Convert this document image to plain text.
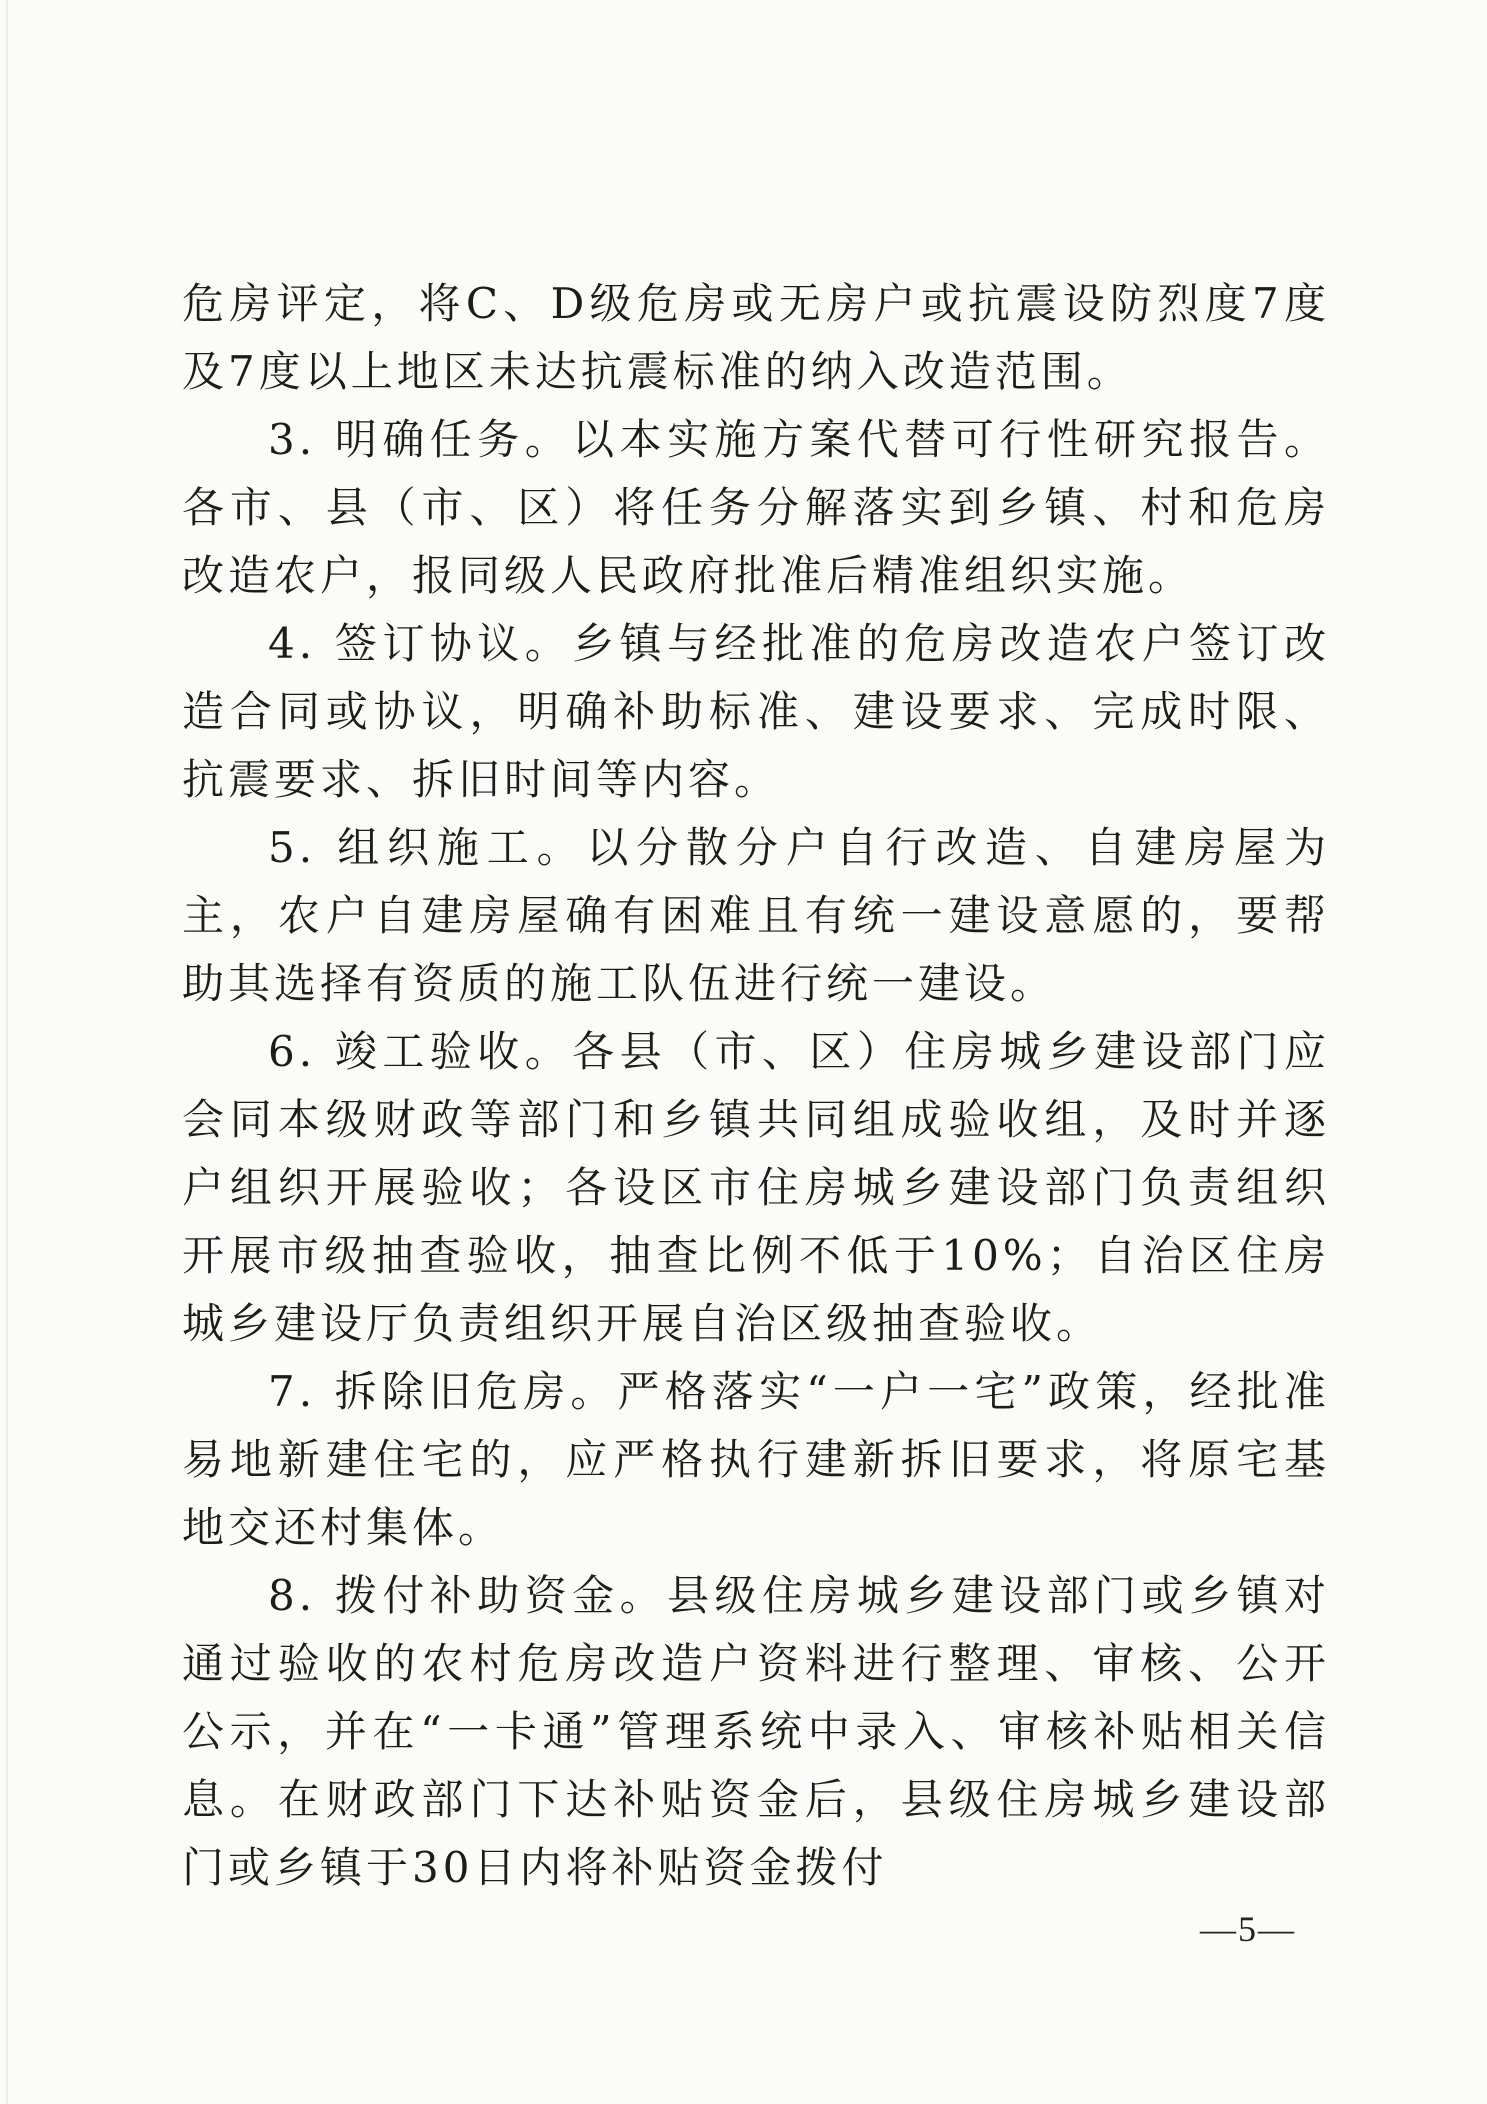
危房评定，将C、D级危房或无房户或抗震设防烈度7度及7度以上地区未达抗震标准的纳入改造范围。

3. 明确任务。以本实施方案代替可行性研究报告。各市、县（市、区）将任务分解落实到乡镇、村和危房改造农户，报同级人民政府批准后精准组织实施。

4. 签订协议。乡镇与经批准的危房改造农户签订改造合同或协议，明确补助标准、建设要求、完成时限、抗震要求、拆旧时间等内容。

5. 组织施工。以分散分户自行改造、自建房屋为主，农户自建房屋确有困难且有统一建设意愿的，要帮助其选择有资质的施工队伍进行统一建设。

6. 竣工验收。各县（市、区）住房城乡建设部门应会同本级财政等部门和乡镇共同组成验收组，及时并逐户组织开展验收；各设区市住房城乡建设部门负责组织开展市级抽查验收，抽查比例不低于10%；自治区住房城乡建设厅负责组织开展自治区级抽查验收。

7. 拆除旧危房。严格落实“一户一宅”政策，经批准易地新建住宅的，应严格执行建新拆旧要求，将原宅基地交还村集体。

8. 拨付补助资金。县级住房城乡建设部门或乡镇对通过验收的农村危房改造户资料进行整理、审核、公开公示，并在“一卡通”管理系统中录入、审核补贴相关信息。在财政部门下达补贴资金后，县级住房城乡建设部门或乡镇于30日内将补贴资金拨付

—5—
